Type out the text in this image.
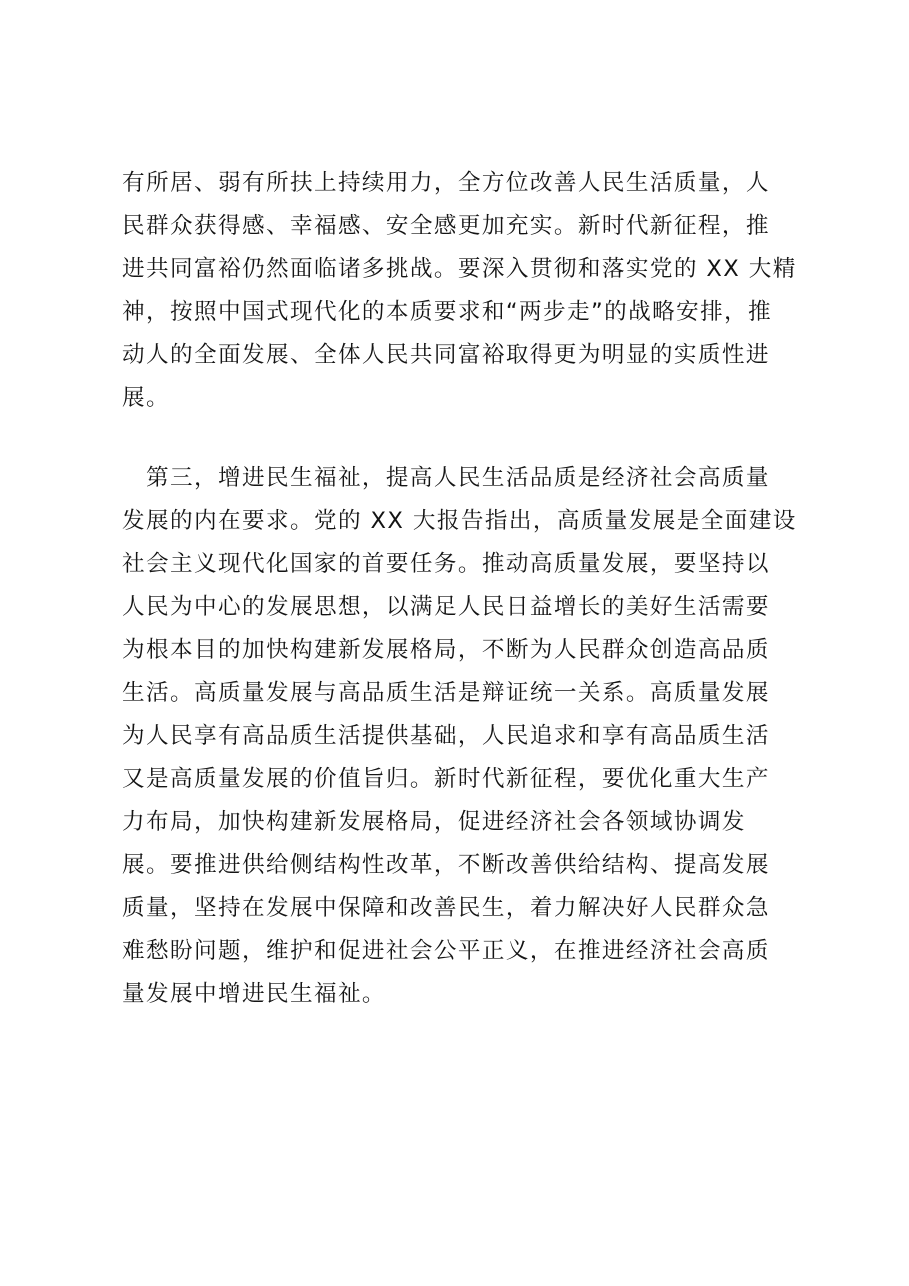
有所居、弱有所扶上持续用力，全方位改善人民生活质量，人
民群众获得感、幸福感、安全感更加充实。新时代新征程，推
进共同富裕仍然面临诸多挑战。要深入贯彻和落实党的 XX 大精
神，按照中国式现代化的本质要求和“两步走”的战略安排，推
动人的全面发展、全体人民共同富裕取得更为明显的实质性进
展。
　第三，增进民生福祉，提高人民生活品质是经济社会高质量
发展的内在要求。党的 XX 大报告指出，高质量发展是全面建设
社会主义现代化国家的首要任务。推动高质量发展，要坚持以
人民为中心的发展思想，以满足人民日益增长的美好生活需要
为根本目的加快构建新发展格局，不断为人民群众创造高品质
生活。高质量发展与高品质生活是辩证统一关系。高质量发展
为人民享有高品质生活提供基础，人民追求和享有高品质生活
又是高质量发展的价值旨归。新时代新征程，要优化重大生产
力布局，加快构建新发展格局，促进经济社会各领域协调发
展。要推进供给侧结构性改革，不断改善供给结构、提高发展
质量，坚持在发展中保障和改善民生，着力解决好人民群众急
难愁盼问题，维护和促进社会公平正义，在推进经济社会高质
量发展中增进民生福祉。
